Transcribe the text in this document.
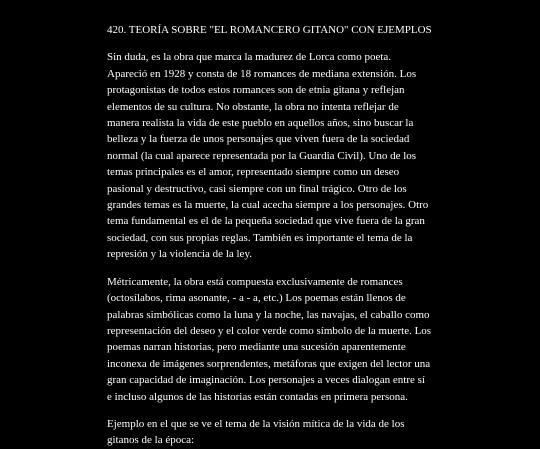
420. TEORÍA SOBRE "EL ROMANCERO GITANO" CON EJEMPLOS

Sin duda, es la obra que marca la madurez de Lorca como poeta. Apareció en 1928 y consta de 18 romances de mediana extensión. Los protagonistas de todos estos romances son de etnia gitana y reflejan elementos de su cultura. No obstante, la obra no intenta reflejar de manera realista la vida de este pueblo en aquellos años, sino buscar la belleza y la fuerza de unos personajes que viven fuera de la sociedad normal (la cual aparece representada por la Guardia Civil). Uno de los temas principales es el amor, representado siempre como un deseo pasional y destructivo, casi siempre con un final trágico. Otro de los grandes temas es la muerte, la cual acecha siempre a los personajes. Otro tema fundamental es el de la pequeña sociedad que vive fuera de la gran sociedad, con sus propias reglas. También es importante el tema de la represión y la violencia de la ley.

Métricamente, la obra está compuesta exclusivamente de romances (octosílabos, rima asonante, - a - a, etc.) Los poemas están llenos de palabras simbólicas como la luna y la noche, las navajas, el caballo como representación del deseo y el color verde como símbolo de la muerte. Los poemas narran historias, pero mediante una sucesión aparentemente inconexa de imágenes sorprendentes, metáforas que exigen del lector una gran capacidad de imaginación. Los personajes a veces dialogan entre sí e incluso algunos de las historias están contadas en primera persona.

Ejemplo en el que se ve el tema de la visión mítica de la vida de los gitanos de la época:
